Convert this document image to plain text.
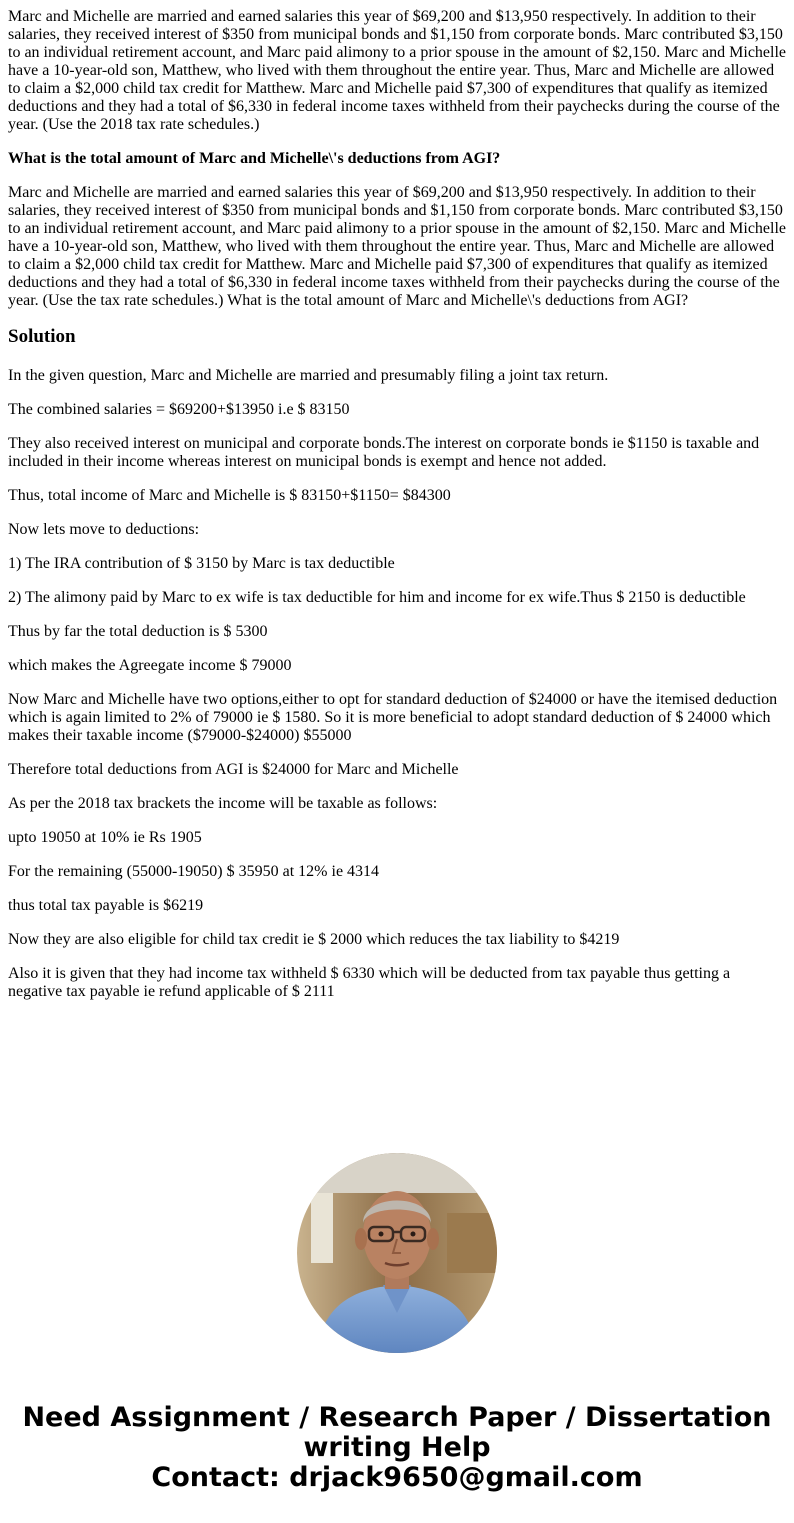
Marc and Michelle are married and earned salaries this year of $69,200 and $13,950 respectively. In addition to their salaries, they received interest of $350 from municipal bonds and $1,150 from corporate bonds. Marc contributed $3,150 to an individual retirement account, and Marc paid alimony to a prior spouse in the amount of $2,150. Marc and Michelle have a 10-year-old son, Matthew, who lived with them throughout the entire year. Thus, Marc and Michelle are allowed to claim a $2,000 child tax credit for Matthew. Marc and Michelle paid $7,300 of expenditures that qualify as itemized deductions and they had a total of $6,330 in federal income taxes withheld from their paychecks during the course of the year. (Use the 2018 tax rate schedules.)

What is the total amount of Marc and Michelle\'s deductions from AGI?

Marc and Michelle are married and earned salaries this year of $69,200 and $13,950 respectively. In addition to their salaries, they received interest of $350 from municipal bonds and $1,150 from corporate bonds. Marc contributed $3,150 to an individual retirement account, and Marc paid alimony to a prior spouse in the amount of $2,150. Marc and Michelle have a 10-year-old son, Matthew, who lived with them throughout the entire year. Thus, Marc and Michelle are allowed to claim a $2,000 child tax credit for Matthew. Marc and Michelle paid $7,300 of expenditures that qualify as itemized deductions and they had a total of $6,330 in federal income taxes withheld from their paychecks during the course of the year. (Use the tax rate schedules.) What is the total amount of Marc and Michelle\'s deductions from AGI?

Solution

In the given question, Marc and Michelle are married and presumably filing a joint tax return.

The combined salaries = $69200+$13950 i.e $ 83150

They also received interest on municipal and corporate bonds.The interest on corporate bonds ie $1150 is taxable and included in their income whereas interest on municipal bonds is exempt and hence not added.

Thus, total income of Marc and Michelle is $ 83150+$1150= $84300

Now lets move to deductions:

1) The IRA contribution of $ 3150 by Marc is tax deductible

2) The alimony paid by Marc to ex wife is tax deductible for him and income for ex wife.Thus $ 2150 is deductible

Thus by far the total deduction is $ 5300

which makes the Agreegate income $ 79000

Now Marc and Michelle have two options,either to opt for standard deduction of $24000 or have the itemised deduction which is again limited to 2% of 79000 ie $ 1580. So it is more beneficial to adopt standard deduction of $ 24000 which makes their taxable income ($79000-$24000) $55000

Therefore total deductions from AGI is $24000 for Marc and Michelle

As per the 2018 tax brackets the income will be taxable as follows:

upto 19050 at 10% ie Rs 1905

For the remaining (55000-19050) $ 35950 at 12% ie 4314

thus total tax payable is $6219

Now they are also eligible for child tax credit ie $ 2000 which reduces the tax liability to $4219

Also it is given that they had income tax withheld $ 6330 which will be deducted from tax payable thus getting a negative tax payable ie refund applicable of $ 2111

Need Assignment / Research Paper / Dissertation
writing Help
Contact: drjack9650@gmail.com
